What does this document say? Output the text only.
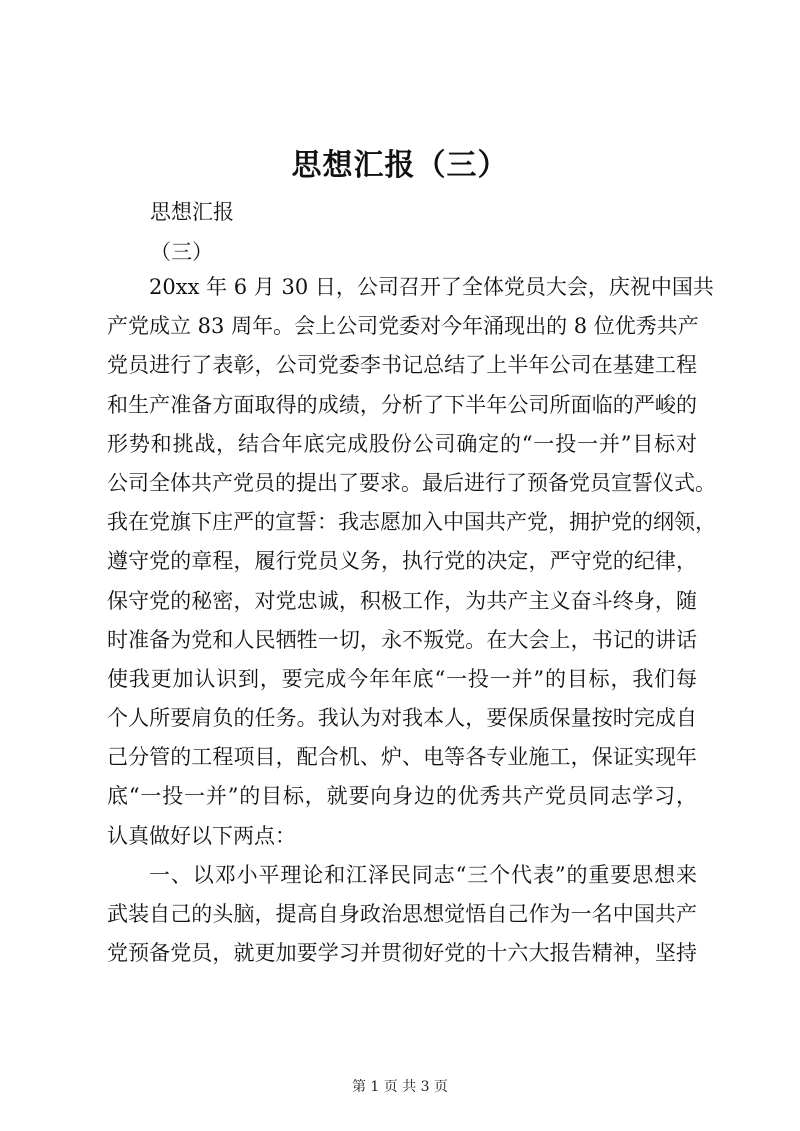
思想汇报（三）
思想汇报
（三）
20xx 年 6 月 30 日，公司召开了全体党员大会，庆祝中国共
产党成立 83 周年。会上公司党委对今年涌现出的 8 位优秀共产
党员进行了表彰，公司党委李书记总结了上半年公司在基建工程
和生产准备方面取得的成绩，分析了下半年公司所面临的严峻的
形势和挑战，结合年底完成股份公司确定的“一投一并”目标对
公司全体共产党员的提出了要求。最后进行了预备党员宣誓仪式。
我在党旗下庄严的宣誓：我志愿加入中国共产党，拥护党的纲领，
遵守党的章程，履行党员义务，执行党的决定，严守党的纪律，
保守党的秘密，对党忠诚，积极工作，为共产主义奋斗终身，随
时准备为党和人民牺牲一切，永不叛党。在大会上，书记的讲话
使我更加认识到，要完成今年年底“一投一并”的目标，我们每
个人所要肩负的任务。我认为对我本人，要保质保量按时完成自
己分管的工程项目，配合机、炉、电等各专业施工，保证实现年
底“一投一并”的目标，就要向身边的优秀共产党员同志学习，
认真做好以下两点：
一、以邓小平理论和江泽民同志“三个代表”的重要思想来
武装自己的头脑，提高自身政治思想觉悟自己作为一名中国共产
党预备党员，就更加要学习并贯彻好党的十六大报告精神，坚持
第 1 页 共 3 页
